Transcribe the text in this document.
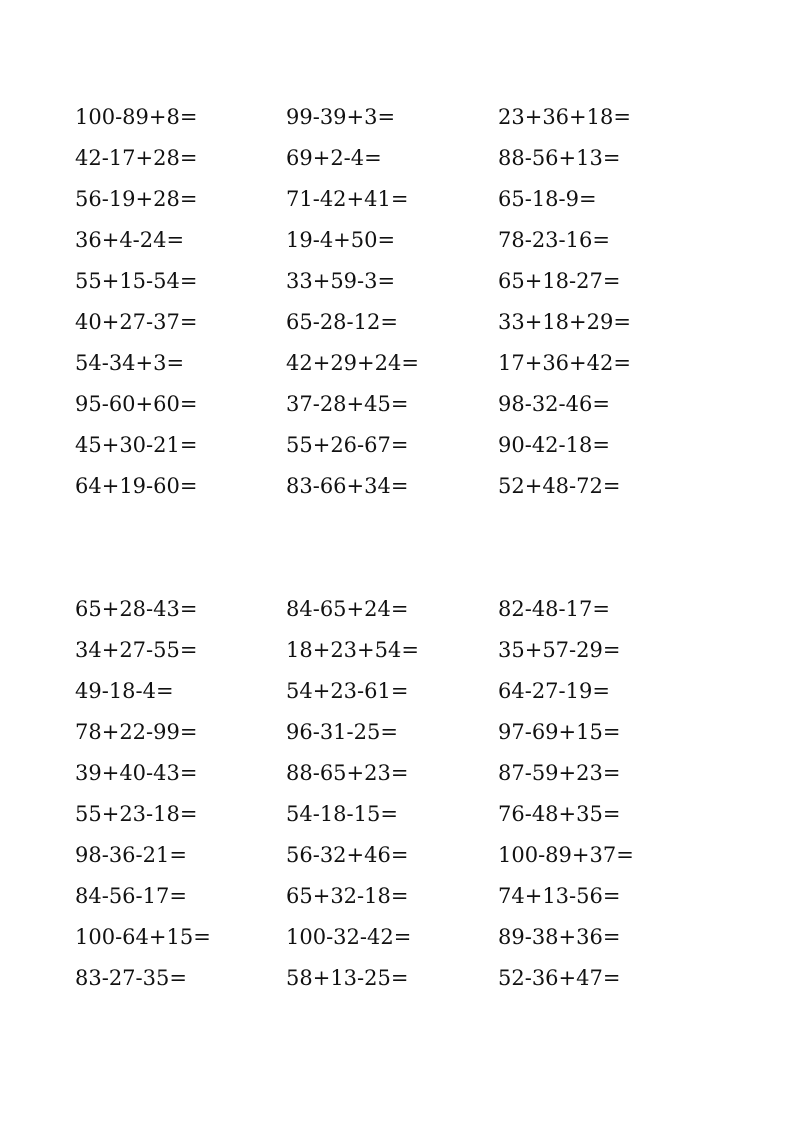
100-89+8=	99-39+3=	23+36+18=
42-17+28=	69+2-4=	88-56+13=
56-19+28=	71-42+41=	65-18-9=
36+4-24=	19-4+50=	78-23-16=
55+15-54=	33+59-3=	65+18-27=
40+27-37=	65-28-12=	33+18+29=
54-34+3=	42+29+24=	17+36+42=
95-60+60=	37-28+45=	98-32-46=
45+30-21=	55+26-67=	90-42-18=
64+19-60=	83-66+34=	52+48-72=
65+28-43=	84-65+24=	82-48-17=
34+27-55=	18+23+54=	35+57-29=
49-18-4=	54+23-61=	64-27-19=
78+22-99=	96-31-25=	97-69+15=
39+40-43=	88-65+23=	87-59+23=
55+23-18=	54-18-15=	76-48+35=
98-36-21=	56-32+46=	100-89+37=
84-56-17=	65+32-18=	74+13-56=
100-64+15=	100-32-42=	89-38+36=
83-27-35=	58+13-25=	52-36+47=
